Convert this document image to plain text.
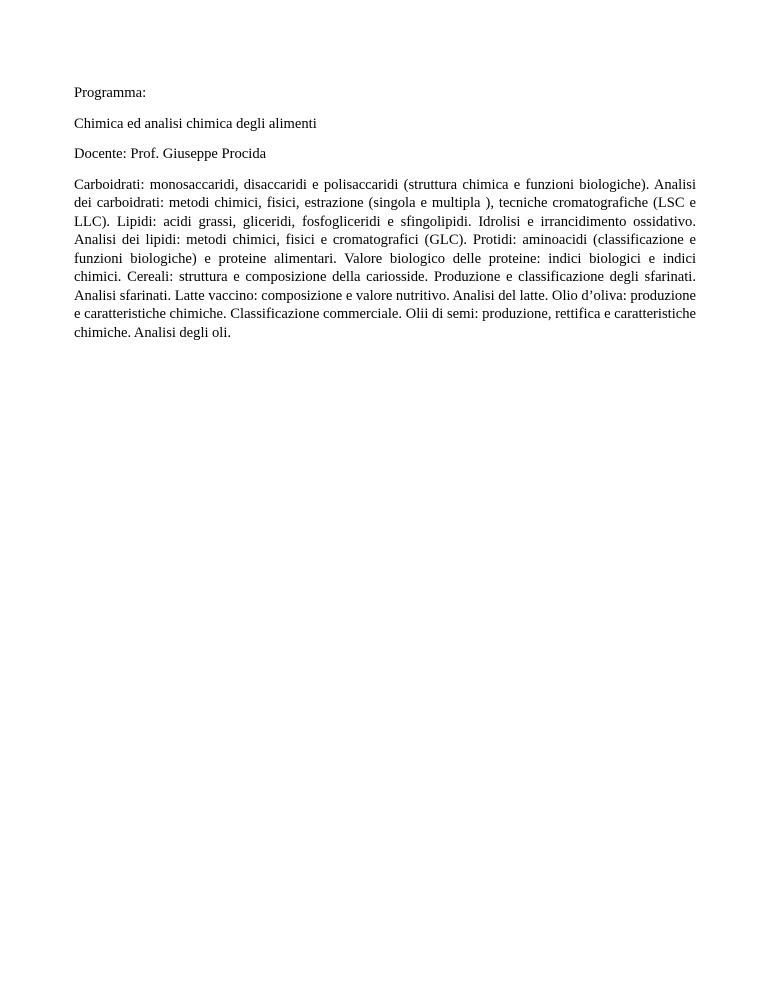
Programma:

Chimica ed analisi chimica degli alimenti

Docente: Prof. Giuseppe Procida

Carboidrati: monosaccaridi, disaccaridi e polisaccaridi (struttura chimica e funzioni biologiche). Analisi dei carboidrati: metodi chimici, fisici, estrazione (singola e multipla ), tecniche cromatografiche (LSC e LLC). Lipidi: acidi grassi, gliceridi, fosfogliceridi e sfingolipidi. Idrolisi e irrancidimento ossidativo. Analisi dei lipidi: metodi chimici, fisici e cromatografici (GLC). Protidi: aminoacidi (classificazione e funzioni biologiche) e proteine alimentari. Valore biologico delle proteine: indici biologici e indici chimici. Cereali: struttura e composizione della cariosside. Produzione e classificazione degli sfarinati. Analisi sfarinati. Latte vaccino: composizione e valore nutritivo. Analisi del latte. Olio d’oliva: produzione e caratteristiche chimiche. Classificazione commerciale. Olii di semi: produzione, rettifica e caratteristiche chimiche. Analisi degli oli.
